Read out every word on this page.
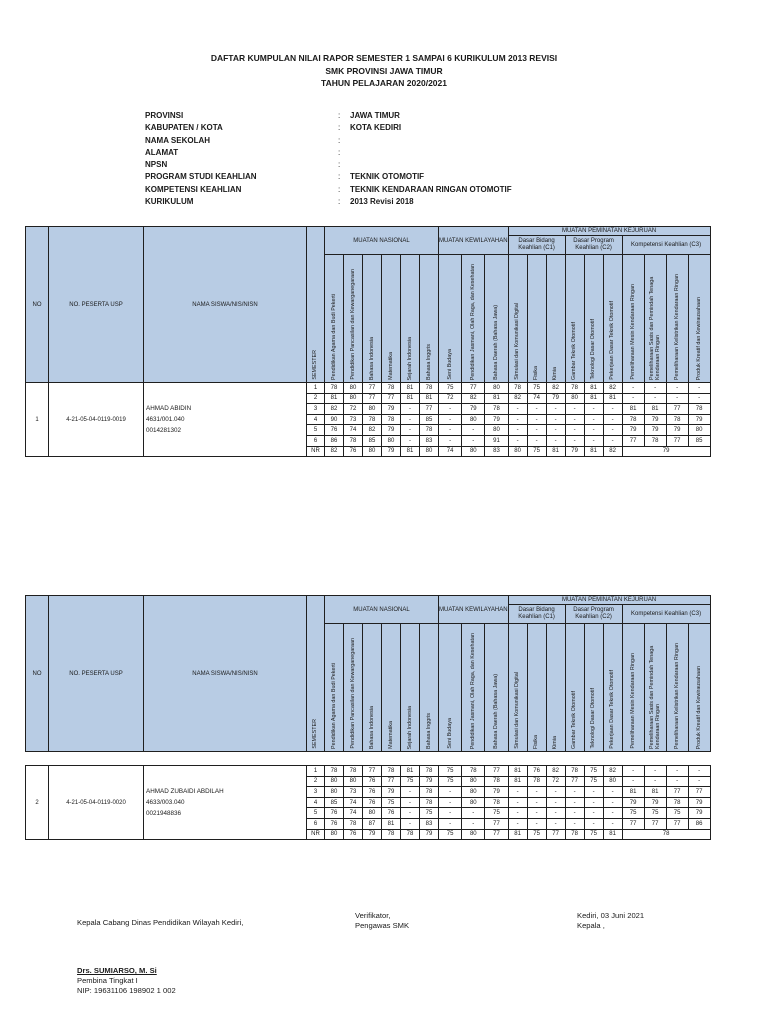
DAFTAR KUMPULAN NILAI RAPOR SEMESTER 1 SAMPAI 6 KURIKULUM 2013 REVISI
SMK PROVINSI JAWA TIMUR
TAHUN PELAJARAN 2020/2021
PROVINSI	:	JAWA TIMUR
KABUPATEN / KOTA	:	KOTA KEDIRI
NAMA SEKOLAH	:
ALAMAT	:
NPSN	:
PROGRAM STUDI KEAHLIAN	:	TEKNIK OTOMOTIF
KOMPETENSI KEAHLIAN	:	TEKNIK KENDARAAN RINGAN OTOMOTIF
KURIKULUM	:	2013 Revisi 2018
NO	NO. PESERTA USP	NAMA SISWA/NIS/NISN	SEMESTER	MUATAN NASIONAL						MUATAN KEWILAYAHAN			MUATAN PEMINATAN KEJURUAN									
													Dasar Bidang Keahlian (C1)			Dasar Program Keahlian (C2)			Kompetensi Keahlian (C3)			

				Pendidikan Agama dan Budi Pekerti	Pendidikan Pancasilan dan Kewarganegaraan	Bahasa Indonesia	Matematika	Sejarah Indonesia	Bahasa Inggris	Seni Budaya	Pendidikan Jasmani, Olah Raga, dan Kesehatan	Bahasa Daerah (Bahasa Jawa)	Simulasi dan Komunikasi Digital	Fisika	Kimia	Gambar Teknik Otomotif	Teknologi Dasar Otomotif	Pekerjaan Dasar Teknik Otomotif	Pemeliharaan Mesin Kendaraan Ringan	Pemeliharaan Sasis dan Pemindah Tenaga Kendaraan Ringan	Pemeliharaan Kelistrikan Kendaraan Ringan	Produk Kreatif dan Kewirausahaan
1	4-21-05-04-0119-0019	AHMAD ABIDIN
4631/001.040
0014281302	1	78	80	77	78	81	78	75	77	80	78	75	82	78	81	82	-	-	-	-
			2	81	80	77	77	81	81	72	82	81	82	74	79	80	81	81	-	-	-	-
			3	82	72	80	79	-	77	-	79	78	-	-	-	-	-	-	81	81	77	78
			4	90	73	78	78	-	85	-	80	79	-	-	-	-	-	-	78	79	78	79
			5	76	74	82	79	-	78	-	-	80	-	-	-	-	-	-	79	79	79	80
			6	86	78	85	80	-	83	-	-	91	-	-	-	-	-	-	77	78	77	85
			NR	82	76	80	79	81	80	74	80	83	80	75	81	79	81	82	79			
NO	NO. PESERTA USP	NAMA SISWA/NIS/NISN	SEMESTER	MUATAN NASIONAL						MUATAN KEWILAYAHAN			MUATAN PEMINATAN KEJURUAN									
													Dasar Bidang Keahlian (C1)			Dasar Program Keahlian (C2)			Kompetensi Keahlian (C3)			

				Pendidikan Agama dan Budi Pekerti	Pendidikan Pancasilan dan Kewarganegaraan	Bahasa Indonesia	Matematika	Sejarah Indonesia	Bahasa Inggris	Seni Budaya	Pendidikan Jasmani, Olah Raga, dan Kesehatan	Bahasa Daerah (Bahasa Jawa)	Simulasi dan Komunikasi Digital	Fisika	Kimia	Gambar Teknik Otomotif	Teknologi Dasar Otomotif	Pekerjaan Dasar Teknik Otomotif	Pemeliharaan Mesin Kendaraan Ringan	Pemeliharaan Sasis dan Pemindah Tenaga Kendaraan Ringan	Pemeliharaan Kelistrikan Kendaraan Ringan	Produk Kreatif dan Kewirausahaan

2	4-21-05-04-0119-0020	AHMAD ZUBAIDI ABDILAH
4633/003.040
0021948836	1	78	78	77	78	81	78	75	78	77	81	76	82	78	75	82	-	-	-	-
			2	80	80	76	77	75	79	75	80	78	81	78	72	77	75	80	-	-	-	-
			3	80	73	76	79	-	78	-	80	79	-	-	-	-	-	-	81	81	77	77
			4	85	74	76	75	-	78	-	80	78	-	-	-	-	-	-	79	79	78	79
			5	76	74	80	76	-	75	-	-	75	-	-	-	-	-	-	75	75	75	79
			6	76	78	87	81	-	83	-	-	77	-	-	-	-	-	-	77	77	77	86
			NR	80	76	79	78	78	79	75	80	77	81	75	77	78	75	81	78			
Kepala Cabang Dinas Pendidikan Wilayah Kediri,
Verifikator,
Pengawas SMK
Kediri, 03 Juni 2021
Kepala ,
Drs. SUMIARSO, M. Si
Pembina Tingkat I
NIP: 19631106 198902 1 002
